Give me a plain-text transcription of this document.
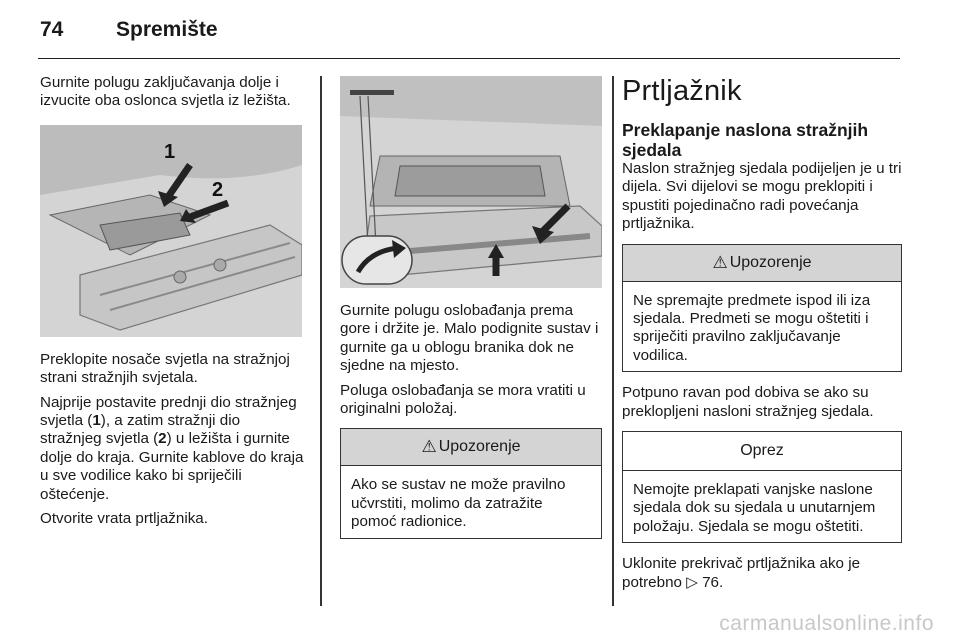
74	Spremište

Gurnite polugu zaključavanja dolje i izvucite oba oslonca svjetla iz ležišta.

1
2

Preklopite nosače svjetla na stražnjoj strani stražnjih svjetala.

Najprije postavite prednji dio stražnjeg svjetla (1), a zatim stražnji dio stražnjeg svjetla (2) u ležišta i gurnite dolje do kraja. Gurnite kablove do kraja u sve vodilice kako bi spriječili oštećenje.

Otvorite vrata prtljažnika.

Gurnite polugu oslobađanja prema gore i držite je. Malo podignite sustav i gurnite ga u oblogu branika dok ne sjedne na mjesto.

Poluga oslobađanja se mora vratiti u originalni položaj.

⚠ Upozorenje

Ako se sustav ne može pravilno učvrstiti, molimo da zatražite pomoć radionice.

Prtljažnik
Preklapanje naslona stražnjih sjedala

Naslon stražnjeg sjedala podijeljen je u tri dijela. Svi dijelovi se mogu preklopiti i spustiti pojedinačno radi povećanja prtljažnika.

⚠ Upozorenje

Ne spremajte predmete ispod ili iza sjedala. Predmeti se mogu oštetiti i spriječiti pravilno zaključavanje vodilica.

Potpuno ravan pod dobiva se ako su preklopljeni nasloni stražnjeg sjedala.

Oprez

Nemojte preklapati vanjske naslone sjedala dok su sjedala u unutarnjem položaju. Sjedala se mogu oštetiti.

Uklonite prekrivač prtljažnika ako je potrebno ▷ 76.

carmanualsonline.info
